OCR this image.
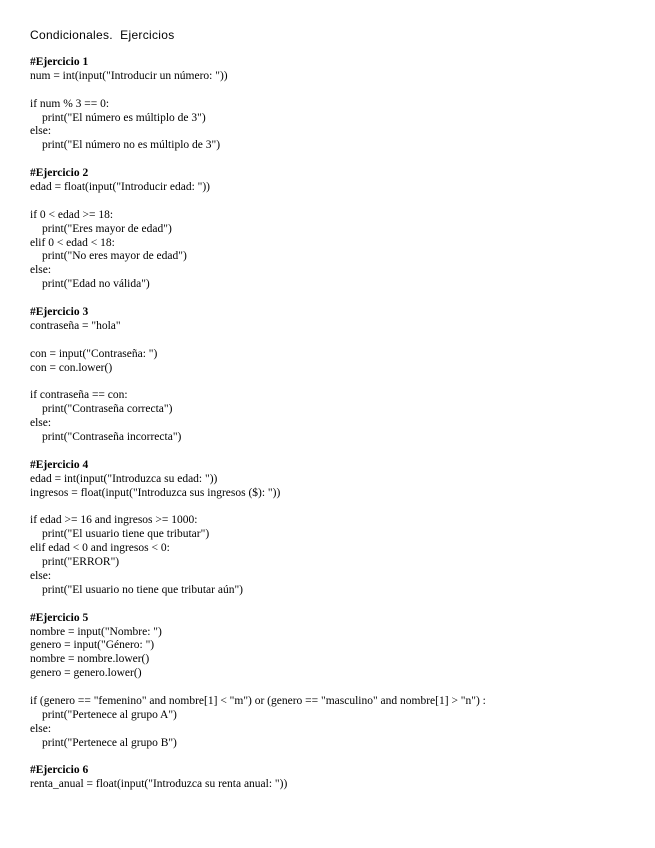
Condicionales.  Ejercicios
#Ejercicio 1
num = int(input("Introducir un número: "))
if num % 3 == 0:
print("El número es múltiplo de 3")
else:
print("El número no es múltiplo de 3")
#Ejercicio 2
edad = float(input("Introducir edad: "))
if 0 < edad >= 18:
print("Eres mayor de edad")
elif 0 < edad < 18:
print("No eres mayor de edad")
else:
print("Edad no válida")
#Ejercicio 3
contraseña = "hola"
con = input("Contraseña: ")
con = con.lower()
if contraseña == con:
print("Contraseña correcta")
else:
print("Contraseña incorrecta")
#Ejercicio 4
edad = int(input("Introduzca su edad: "))
ingresos = float(input("Introduzca sus ingresos ($): "))
if edad >= 16 and ingresos >= 1000:
print("El usuario tiene que tributar")
elif edad < 0 and ingresos < 0:
print("ERROR")
else:
print("El usuario no tiene que tributar aún")
#Ejercicio 5
nombre = input("Nombre: ")
genero = input("Género: ")
nombre = nombre.lower()
genero = genero.lower()
if (genero == "femenino" and nombre[1] < "m") or (genero == "masculino" and nombre[1] > "n") :
print("Pertenece al grupo A")
else:
print("Pertenece al grupo B")
#Ejercicio 6
renta_anual = float(input("Introduzca su renta anual: "))
